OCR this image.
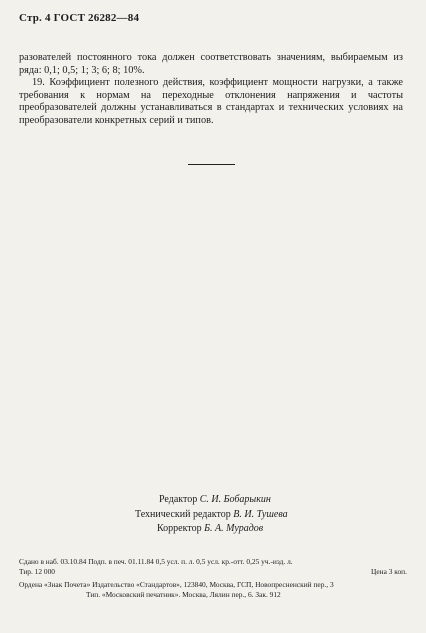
Стр. 4 ГОСТ 26282—84

разователей постоянного тока должен соответствовать значениям, выбираемым из ряда: 0,1; 0,5; 1; 3; 6; 8; 10%.

19. Коэффициент полезного действия, коэффициент мощности нагрузки, а также требования к нормам на переходные отклонения напряжения и частоты преобразователей должны устанавливаться в стандартах и технических условиях на преобразователи конкретных серий и типов.

Редактор С. И. Бобарыкин
Технический редактор В. И. Тушева
Корректор Б. А. Мурадов
Сдано в наб. 03.10.84 Подп. в печ. 01.11.84 0,5 усл. п. л. 0,5 усл. кр.-отт. 0,25 уч.-изд. л.
Тир. 12 000	Цена 3 коп.
Ордена «Знак Почета» Издательство «Стандартов», 123840, Москва, ГСП, Новопресненский пер., 3
Тип. «Московский печатник». Москва, Лялин пер., 6. Зак. 912
